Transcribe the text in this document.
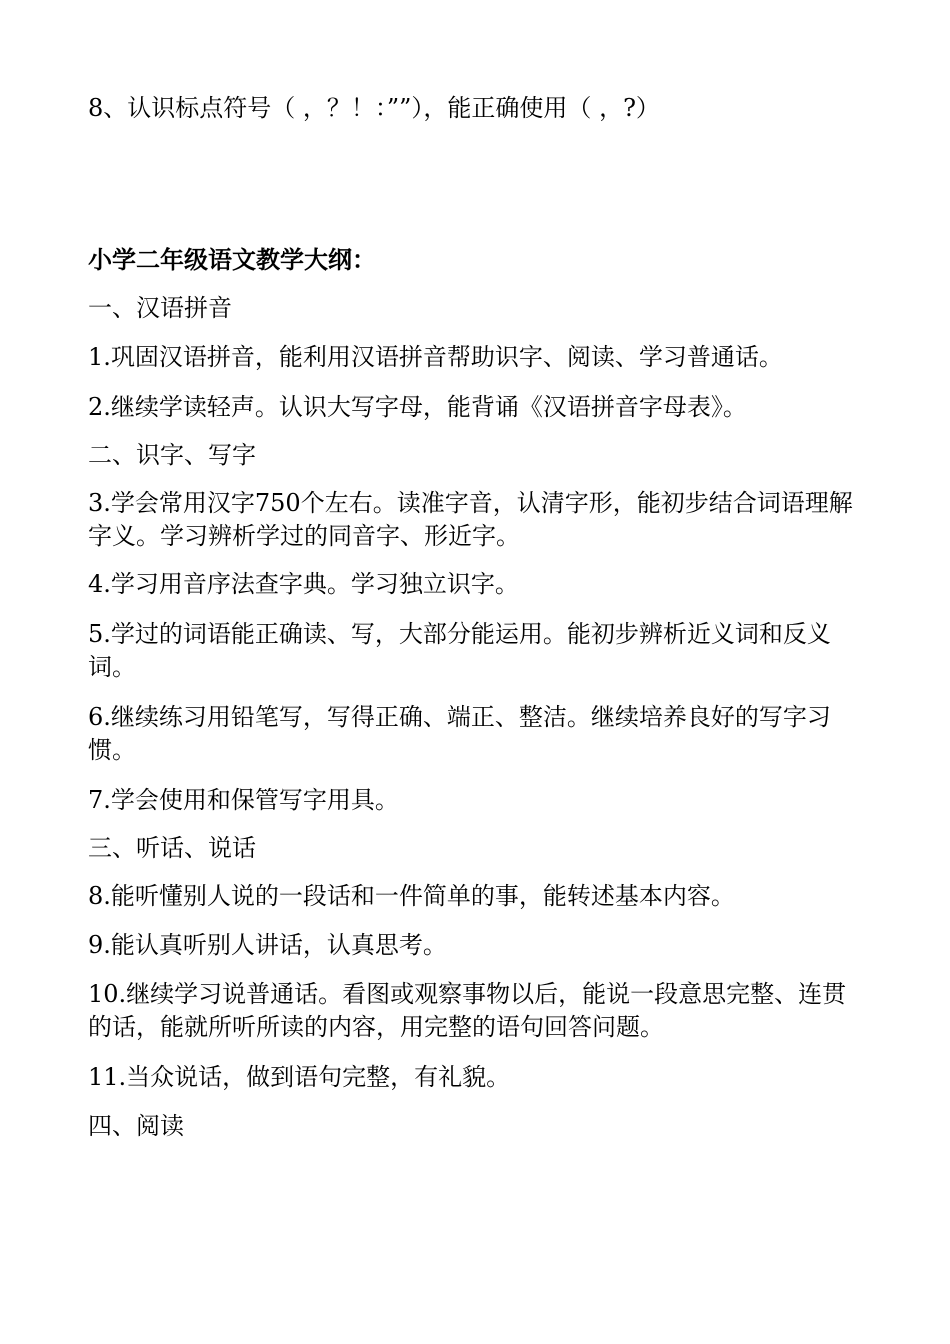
8、认识标点符号（ ，？！：””），能正确使用（ ，?）
小学二年级语文教学大纲：
一、汉语拼音
1.巩固汉语拼音，能利用汉语拼音帮助识字、阅读、学习普通话。
2.继续学读轻声。认识大写字母，能背诵《汉语拼音字母表》。
二、识字、写字
3.学会常用汉字750个左右。读准字音，认清字形，能初步结合词语理解字义。学习辨析学过的同音字、形近字。
4.学习用音序法查字典。学习独立识字。
5.学过的词语能正确读、写，大部分能运用。能初步辨析近义词和反义词。
6.继续练习用铅笔写，写得正确、端正、整洁。继续培养良好的写字习惯。
7.学会使用和保管写字用具。
三、听话、说话
8.能听懂别人说的一段话和一件简单的事，能转述基本内容。
9.能认真听别人讲话，认真思考。
10.继续学习说普通话。看图或观察事物以后，能说一段意思完整、连贯的话，能就所听所读的内容，用完整的语句回答问题。
11.当众说话，做到语句完整，有礼貌。
四、阅读
